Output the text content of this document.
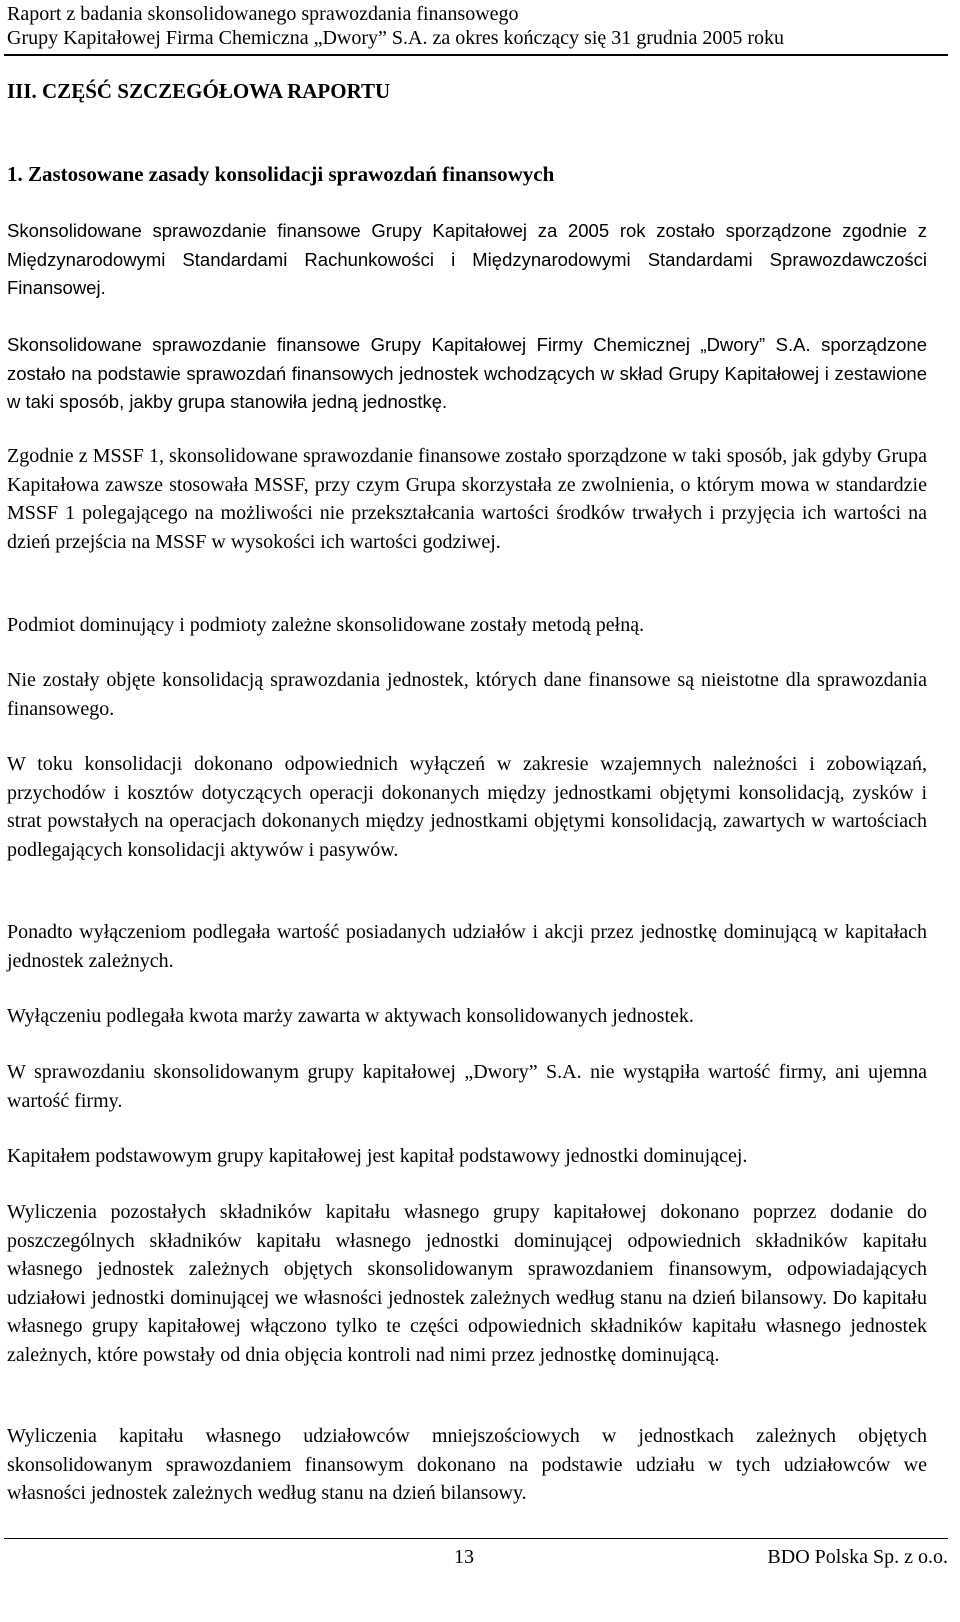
Raport z badania skonsolidowanego sprawozdania finansowego
Grupy Kapitałowej Firma Chemiczna „Dwory” S.A. za okres kończący się 31 grudnia 2005 roku
III. CZĘŚĆ SZCZEGÓŁOWA RAPORTU
1. Zastosowane zasady konsolidacji sprawozdań finansowych

Skonsolidowane sprawozdanie finansowe Grupy Kapitałowej za 2005 rok zostało sporządzone zgodnie z Międzynarodowymi Standardami Rachunkowości i Międzynarodowymi Standardami Sprawozdawczości Finansowej.

Skonsolidowane sprawozdanie finansowe Grupy Kapitałowej Firmy Chemicznej „Dwory” S.A. sporządzone zostało na podstawie sprawozdań finansowych jednostek wchodzących w skład Grupy Kapitałowej i zestawione w taki sposób, jakby grupa stanowiła jedną jednostkę.

Zgodnie z MSSF 1, skonsolidowane sprawozdanie finansowe zostało sporządzone w taki sposób, jak gdyby Grupa Kapitałowa zawsze stosowała MSSF, przy czym Grupa skorzystała ze zwolnienia, o którym mowa w standardzie MSSF 1 polegającego na możliwości nie przekształcania wartości środków trwałych i przyjęcia ich wartości na dzień przejścia na MSSF w wysokości ich wartości godziwej.

Podmiot dominujący i podmioty zależne skonsolidowane zostały metodą pełną.

Nie zostały objęte konsolidacją sprawozdania jednostek, których dane finansowe są nieistotne dla sprawozdania finansowego.

W toku konsolidacji dokonano odpowiednich wyłączeń w zakresie wzajemnych należności i zobowiązań, przychodów i kosztów dotyczących operacji dokonanych między jednostkami objętymi konsolidacją, zysków i strat powstałych na operacjach dokonanych między jednostkami objętymi konsolidacją, zawartych w wartościach podlegających konsolidacji aktywów i pasywów.

Ponadto wyłączeniom podlegała wartość posiadanych udziałów i akcji przez jednostkę dominującą w kapitałach jednostek zależnych.

Wyłączeniu podlegała kwota marży zawarta w aktywach konsolidowanych jednostek.

W sprawozdaniu skonsolidowanym grupy kapitałowej „Dwory” S.A. nie wystąpiła wartość firmy, ani ujemna wartość firmy.

Kapitałem podstawowym grupy kapitałowej jest kapitał podstawowy jednostki dominującej.

Wyliczenia pozostałych składników kapitału własnego grupy kapitałowej dokonano poprzez dodanie do poszczególnych składników kapitału własnego jednostki dominującej odpowiednich składników kapitału własnego jednostek zależnych objętych skonsolidowanym sprawozdaniem finansowym, odpowiadających udziałowi jednostki dominującej we własności jednostek zależnych według stanu na dzień bilansowy. Do kapitału własnego grupy kapitałowej włączono tylko te części odpowiednich składników kapitału własnego jednostek zależnych, które powstały od dnia objęcia kontroli nad nimi przez jednostkę dominującą.

Wyliczenia kapitału własnego udziałowców mniejszościowych w jednostkach zależnych objętych skonsolidowanym sprawozdaniem finansowym dokonano na podstawie udziału w tych udziałowców we własności jednostek zależnych według stanu na dzień bilansowy.

13	BDO Polska Sp. z o.o.
